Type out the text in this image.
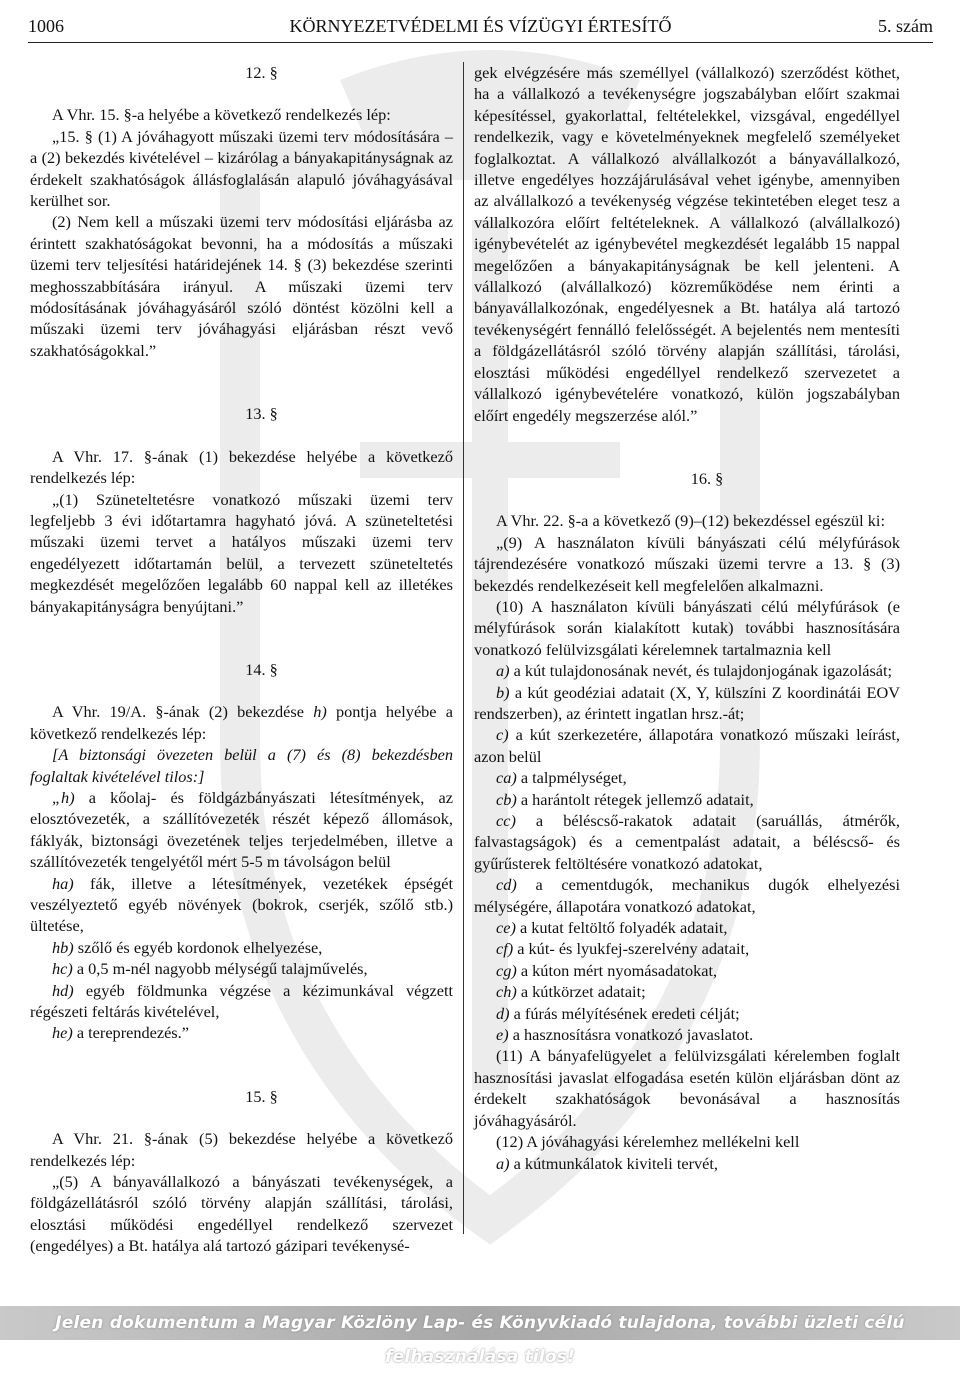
1006	KÖRNYEZETVÉDELMI ÉS VÍZÜGYI ÉRTESÍTŐ	5. szám

12. §

A Vhr. 15. §-a helyébe a következő rendelkezés lép:

„15. § (1) A jóváhagyott műszaki üzemi terv módosítására – a (2) bekezdés kivételével – kizárólag a bányakapitányságnak az érdekelt szakhatóságok állásfoglalásán alapuló jóváhagyásával kerülhet sor.

(2) Nem kell a műszaki üzemi terv módosítási eljárásba az érintett szakhatóságokat bevonni, ha a módosítás a műszaki üzemi terv teljesítési határidejének 14. § (3) bekezdése szerinti meghosszabbítására irányul. A műszaki üzemi terv módosításának jóváhagyásáról szóló döntést közölni kell a műszaki üzemi terv jóváhagyási eljárásban részt vevő szakhatóságokkal.”

13. §

A Vhr. 17. §-ának (1) bekezdése helyébe a következő rendelkezés lép:

„(1) Szüneteltetésre vonatkozó műszaki üzemi terv legfeljebb 3 évi időtartamra hagyható jóvá. A szüneteltetési műszaki üzemi tervet a hatályos műszaki üzemi terv engedélyezett időtartamán belül, a tervezett szüneteltetés megkezdését megelőzően legalább 60 nappal kell az illetékes bányakapitányságra benyújtani.”

14. §

A Vhr. 19/A. §-ának (2) bekezdése h) pontja helyébe a következő rendelkezés lép:

[A biztonsági övezeten belül a (7) és (8) bekezdésben foglaltak kivételével tilos:]

„h) a kőolaj- és földgázbányászati létesítmények, az elosztóvezeték, a szállítóvezeték részét képező állomások, fáklyák, biztonsági övezetének teljes terjedelmében, illetve a szállítóvezeték tengelyétől mért 5-5 m távolságon belül

ha) fák, illetve a létesítmények, vezetékek épségét veszélyeztető egyéb növények (bokrok, cserjék, szőlő stb.) ültetése,

hb) szőlő és egyéb kordonok elhelyezése,

hc) a 0,5 m-nél nagyobb mélységű talajművelés,

hd) egyéb földmunka végzése a kézimunkával végzett régészeti feltárás kivételével,

he) a tereprendezés.”

15. §

A Vhr. 21. §-ának (5) bekezdése helyébe a következő rendelkezés lép:

„(5) A bányavállalkozó a bányászati tevékenységek, a földgázellátásról szóló törvény alapján szállítási, tárolási, elosztási működési engedéllyel rendelkező szervezet (engedélyes) a Bt. hatálya alá tartozó gázipari tevékenysé-

gek elvégzésére más személlyel (vállalkozó) szerződést köthet, ha a vállalkozó a tevékenységre jogszabályban előírt szakmai képesítéssel, gyakorlattal, feltételekkel, vizsgával, engedéllyel rendelkezik, vagy e követelményeknek megfelelő személyeket foglalkoztat. A vállalkozó alvállalkozót a bányavállalkozó, illetve engedélyes hozzájárulásával vehet igénybe, amennyiben az alvállalkozó a tevékenység végzése tekintetében eleget tesz a vállalkozóra előírt feltételeknek. A vállalkozó (alvállalkozó) igénybevételét az igénybevétel megkezdését legalább 15 nappal megelőzően a bányakapitányságnak be kell jelenteni. A vállalkozó (alvállalkozó) közreműködése nem érinti a bányavállalkozónak, engedélyesnek a Bt. hatálya alá tartozó tevékenységért fennálló felelősségét. A bejelentés nem mentesíti a földgázellátásról szóló törvény alapján szállítási, tárolási, elosztási működési engedéllyel rendelkező szervezetet a vállalkozó igénybevételére vonatkozó, külön jogszabályban előírt engedély megszerzése alól.”

16. §

A Vhr. 22. §-a a következő (9)–(12) bekezdéssel egészül ki:

„(9) A használaton kívüli bányászati célú mélyfúrások tájrendezésére vonatkozó műszaki üzemi tervre a 13. § (3) bekezdés rendelkezéseit kell megfelelően alkalmazni.

(10) A használaton kívüli bányászati célú mélyfúrások (e mélyfúrások során kialakított kutak) további hasznosítására vonatkozó felülvizsgálati kérelemnek tartalmaznia kell

a) a kút tulajdonosának nevét, és tulajdonjogának igazolását;

b) a kút geodéziai adatait (X, Y, külszíni Z koordinátái EOV rendszerben), az érintett ingatlan hrsz.-át;

c) a kút szerkezetére, állapotára vonatkozó műszaki leírást, azon belül

ca) a talpmélységet,

cb) a harántolt rétegek jellemző adatait,

cc) a béléscső-rakatok adatait (saruállás, átmérők, falvastagságok) és a cementpalást adatait, a béléscső- és gyűrűsterek feltöltésére vonatkozó adatokat,

cd) a cementdugók, mechanikus dugók elhelyezési mélységére, állapotára vonatkozó adatokat,

ce) a kutat feltöltő folyadék adatait,

cf) a kút- és lyukfej-szerelvény adatait,

cg) a kúton mért nyomásadatokat,

ch) a kútkörzet adatait;

d) a fúrás mélyítésének eredeti célját;

e) a hasznosításra vonatkozó javaslatot.

(11) A bányafelügyelet a felülvizsgálati kérelemben foglalt hasznosítási javaslat elfogadása esetén külön eljárásban dönt az érdekelt szakhatóságok bevonásával a hasznosítás jóváhagyásáról.

(12) A jóváhagyási kérelemhez mellékelni kell

a) a kútmunkálatok kiviteli tervét,

Jelen dokumentum a Magyar Közlöny Lap- és Könyvkiadó tulajdona, további üzleti célú felhasználása tilos!
